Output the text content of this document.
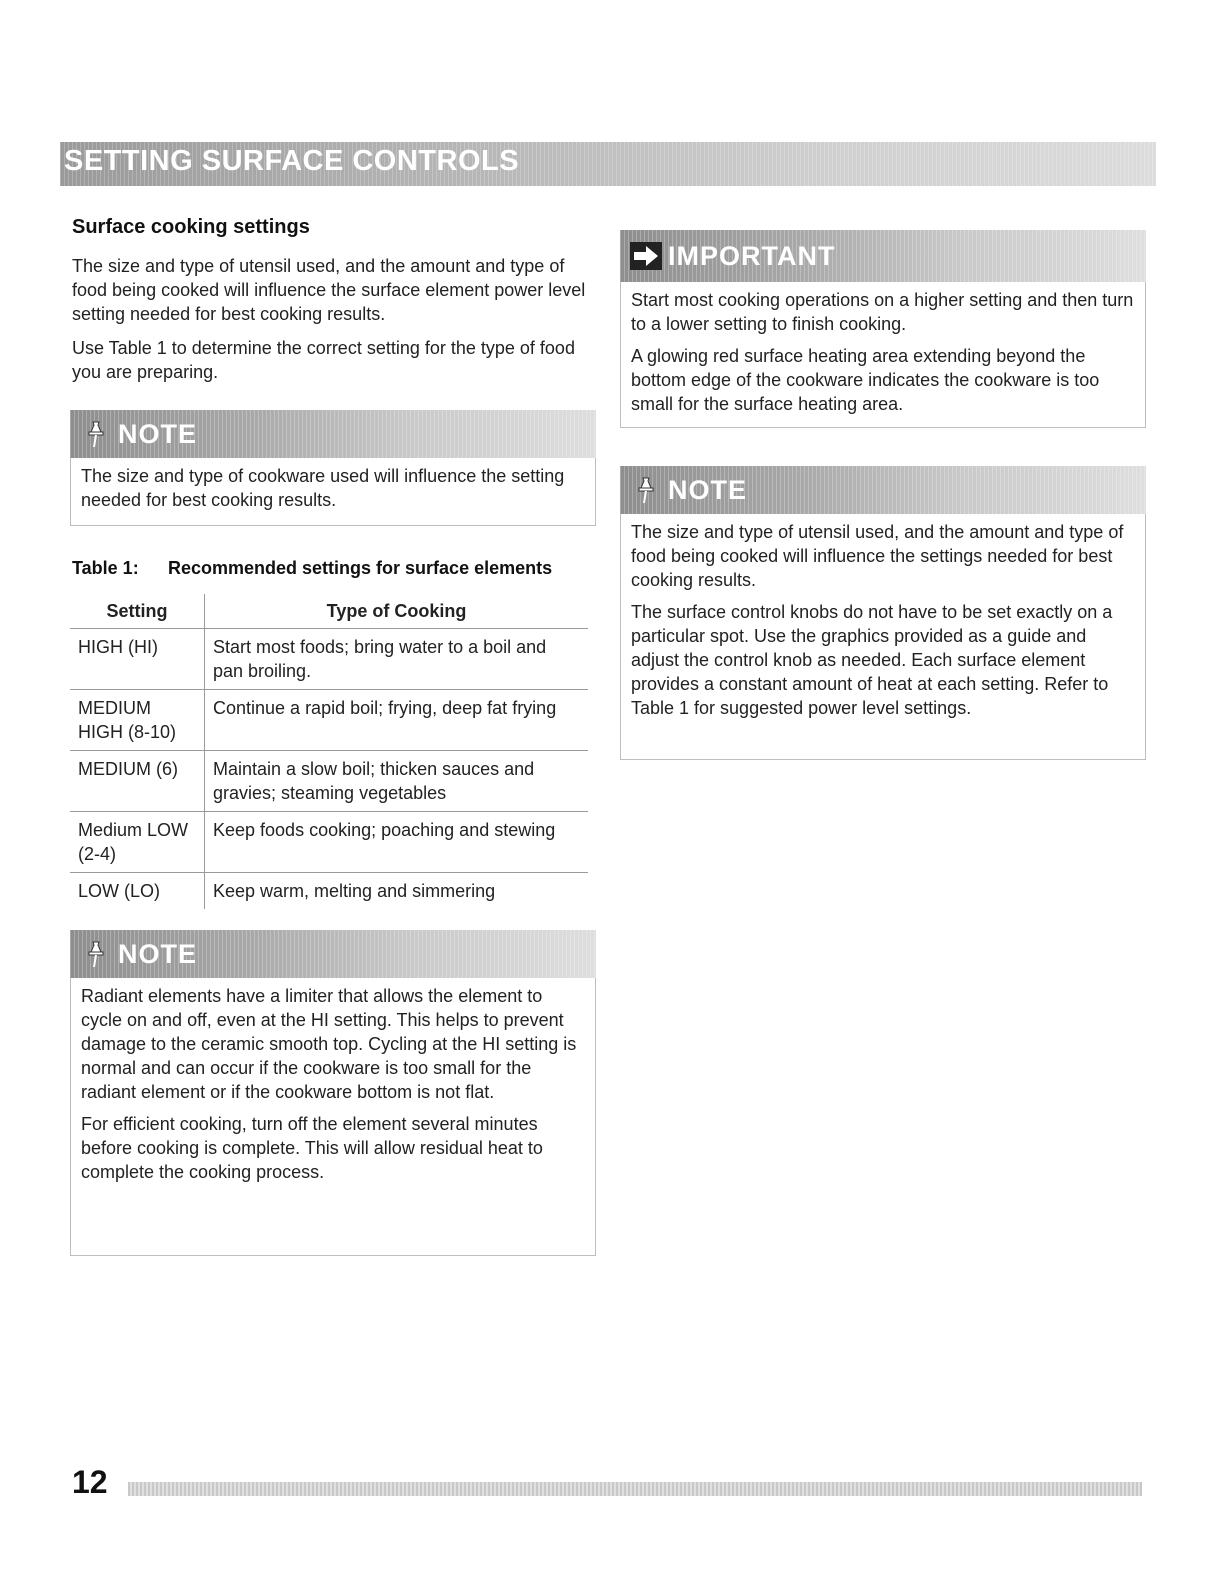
SETTING SURFACE CONTROLS
Surface cooking settings

The size and type of utensil used, and the amount and type of food being cooked will influence the surface element power level setting needed for best cooking results.

Use Table 1 to determine the correct setting for the type of food you are preparing.

NOTE

The size and type of cookware used will influence the setting needed for best cooking results.

Table 1: Recommended settings for surface elements
Setting	Type of Cooking
HIGH (HI)	Start most foods; bring water to a boil and pan broiling.
MEDIUM HIGH (8-10)	Continue a rapid boil; frying, deep fat frying
MEDIUM (6)	Maintain a slow boil; thicken sauces and gravies; steaming vegetables
Medium LOW (2-4)	Keep foods cooking; poaching and stewing
LOW (LO)	Keep warm, melting and simmering
NOTE

Radiant elements have a limiter that allows the element to cycle on and off, even at the HI setting. This helps to prevent damage to the ceramic smooth top. Cycling at the HI setting is normal and can occur if the cookware is too small for the radiant element or if the cookware bottom is not flat.

For efficient cooking, turn off the element several minutes before cooking is complete. This will allow residual heat to complete the cooking process.

IMPORTANT

Start most cooking operations on a higher setting and then turn to a lower setting to finish cooking.

A glowing red surface heating area extending beyond the bottom edge of the cookware indicates the cookware is too small for the surface heating area.

NOTE

The size and type of utensil used, and the amount and type of food being cooked will influence the settings needed for best cooking results.

The surface control knobs do not have to be set exactly on a particular spot. Use the graphics provided as a guide and adjust the control knob as needed. Each surface element provides a constant amount of heat at each setting. Refer to Table 1 for suggested power level settings.

12
